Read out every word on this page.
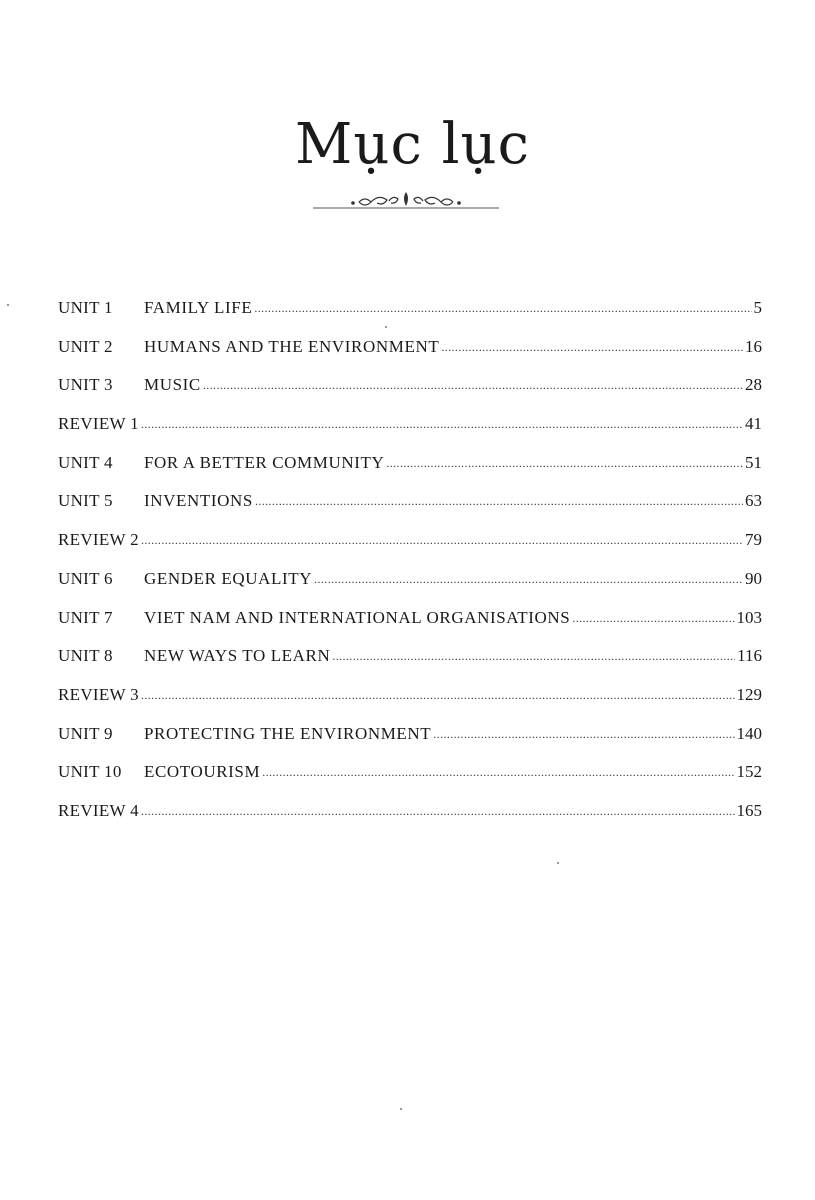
Mục lục
UNIT 1	FAMILY LIFE .....	5
UNIT 2	HUMANS AND THE ENVIRONMENT .....	16
UNIT 3	MUSIC .....	28
REVIEW 1 .....	41
UNIT 4	FOR A BETTER COMMUNITY .....	51
UNIT 5	INVENTIONS .....	63
REVIEW 2 .....	79
UNIT 6	GENDER EQUALITY .....	90
UNIT 7	VIET NAM AND INTERNATIONAL ORGANISATIONS .....	103
UNIT 8	NEW WAYS TO LEARN .....	116
REVIEW 3 .....	129
UNIT 9	PROTECTING THE ENVIRONMENT .....	140
UNIT 10	ECOTOURISM .....	152
REVIEW 4 .....	165
